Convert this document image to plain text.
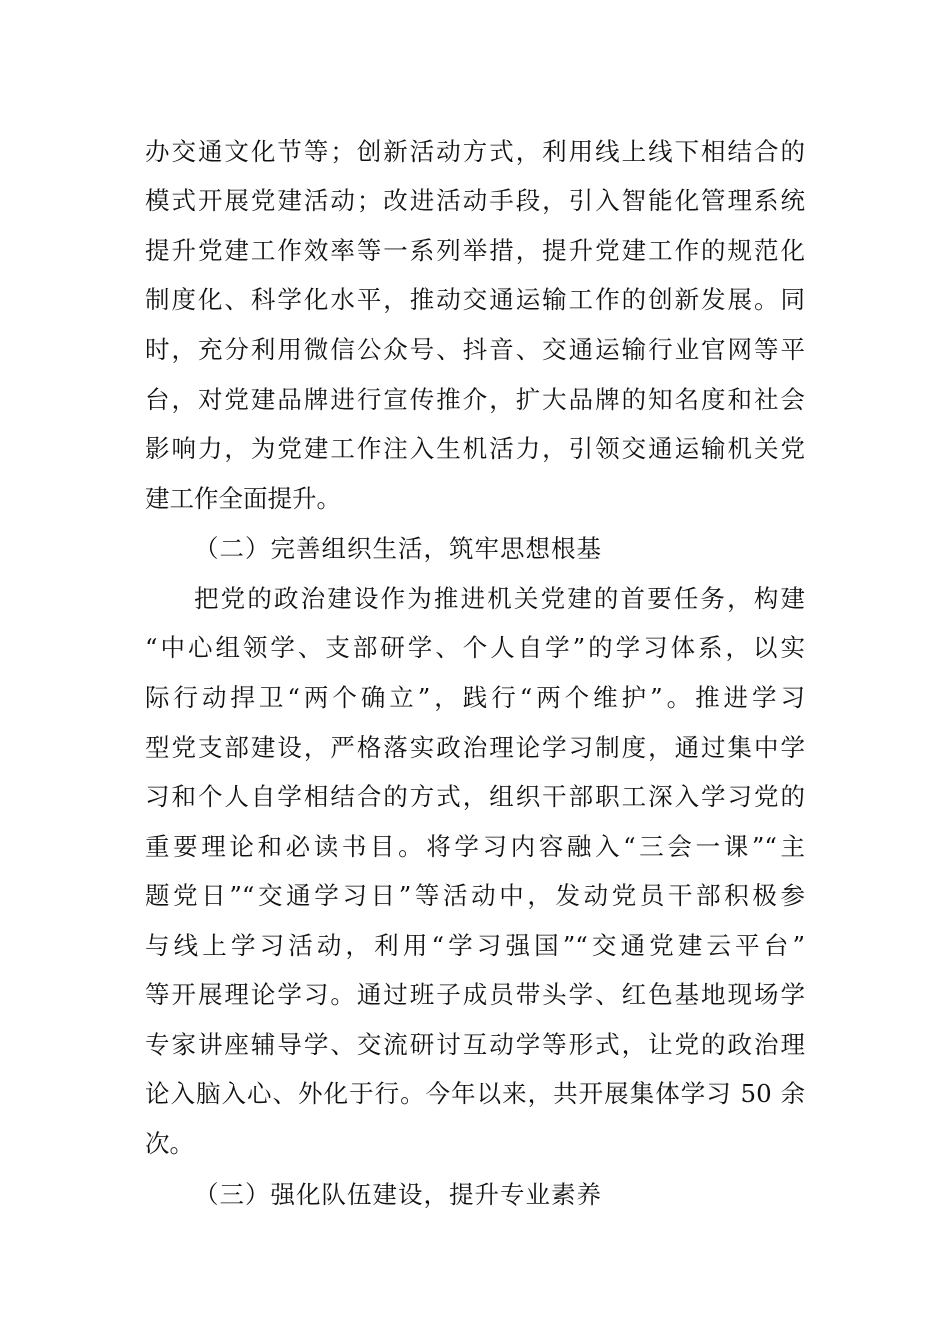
办交通文化节等；创新活动方式，利用线上线下相结合的
模式开展党建活动；改进活动手段，引入智能化管理系统
提升党建工作效率等一系列举措，提升党建工作的规范化
制度化、科学化水平，推动交通运输工作的创新发展。同
时，充分利用微信公众号、抖音、交通运输行业官网等平
台，对党建品牌进行宣传推介，扩大品牌的知名度和社会
影响力，为党建工作注入生机活力，引领交通运输机关党
建工作全面提升。
（二）完善组织生活，筑牢思想根基
把党的政治建设作为推进机关党建的首要任务，构建
“中心组领学、支部研学、个人自学”的学习体系，以实
际行动捍卫“两个确立”，践行“两个维护”。推进学习
型党支部建设，严格落实政治理论学习制度，通过集中学
习和个人自学相结合的方式，组织干部职工深入学习党的
重要理论和必读书目。将学习内容融入“三会一课”“主
题党日”“交通学习日”等活动中，发动党员干部积极参
与线上学习活动，利用“学习强国”“交通党建云平台”
等开展理论学习。通过班子成员带头学、红色基地现场学
专家讲座辅导学、交流研讨互动学等形式，让党的政治理
论入脑入心、外化于行。今年以来，共开展集体学习 50 余
次。
（三）强化队伍建设，提升专业素养
